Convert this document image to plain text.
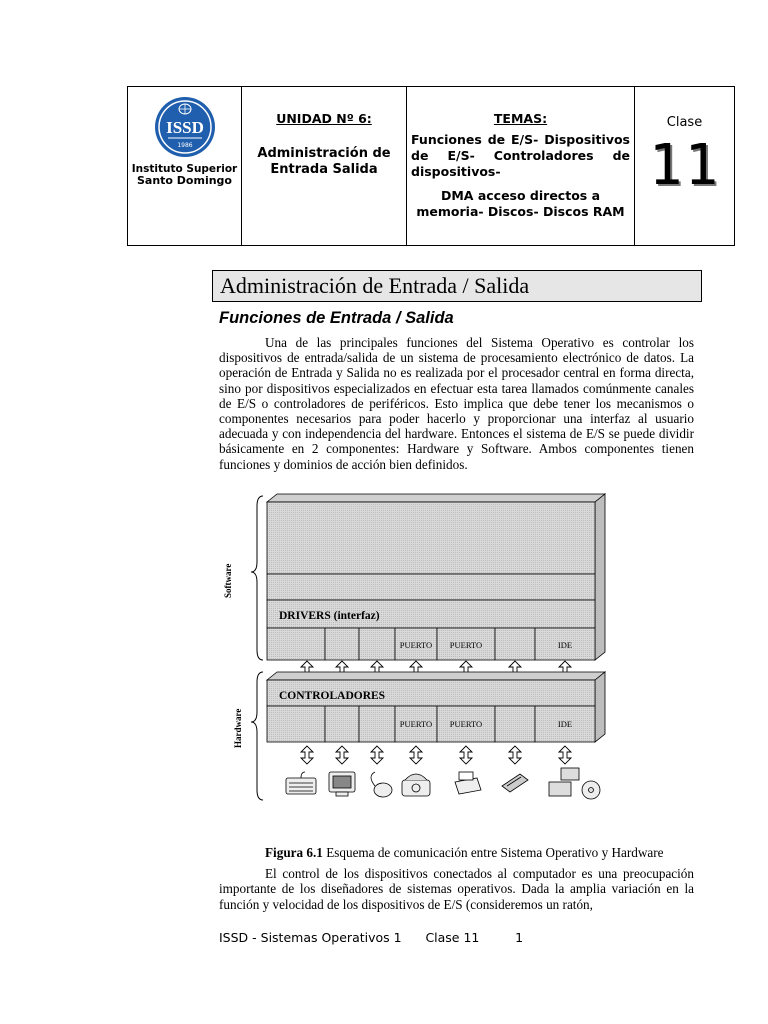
ISSD
1986
Instituto Superior
Santo Domingo
UNIDAD Nº 6:
Administración de
Entrada Salida
TEMAS:
Funciones de E/S- Dispositivos de E/S- Controladores de dispositivos-
DMA acceso directos a memoria- Discos- Discos RAM
Clase
11
Administración de Entrada / Salida
Funciones de Entrada / Salida

Una de las principales funciones del Sistema Operativo es controlar los dispositivos de entrada/salida de un sistema de procesamiento electrónico de datos. La operación de Entrada y Salida no es realizada por el procesador central en forma directa, sino por dispositivos especializados en efectuar esta tarea llamados comúnmente canales de E/S o controladores de periféricos. Esto implica que debe tener los mecanismos o componentes necesarios para poder hacerlo y proporcionar una interfaz al usuario adecuada y con independencia del hardware. Entonces el sistema de E/S se puede dividir básicamente en 2 componentes: Hardware y Software. Ambos componentes tienen funciones y dominios de acción bien definidos.

Software
DRIVERS (interfaz)
PUERTO PUERTO	IDE
Hardware
CONTROLADORES
PUERTO PUERTO	IDE
Figura 6.1 Esquema de comunicación entre Sistema Operativo y Hardware

El control de los dispositivos conectados al computador es una preocupación importante de los diseñadores de sistemas operativos. Dada la amplia variación en la función y velocidad de los dispositivos de E/S (consideremos un ratón,

ISSD - Sistemas Operativos 1 Clase 11	1
